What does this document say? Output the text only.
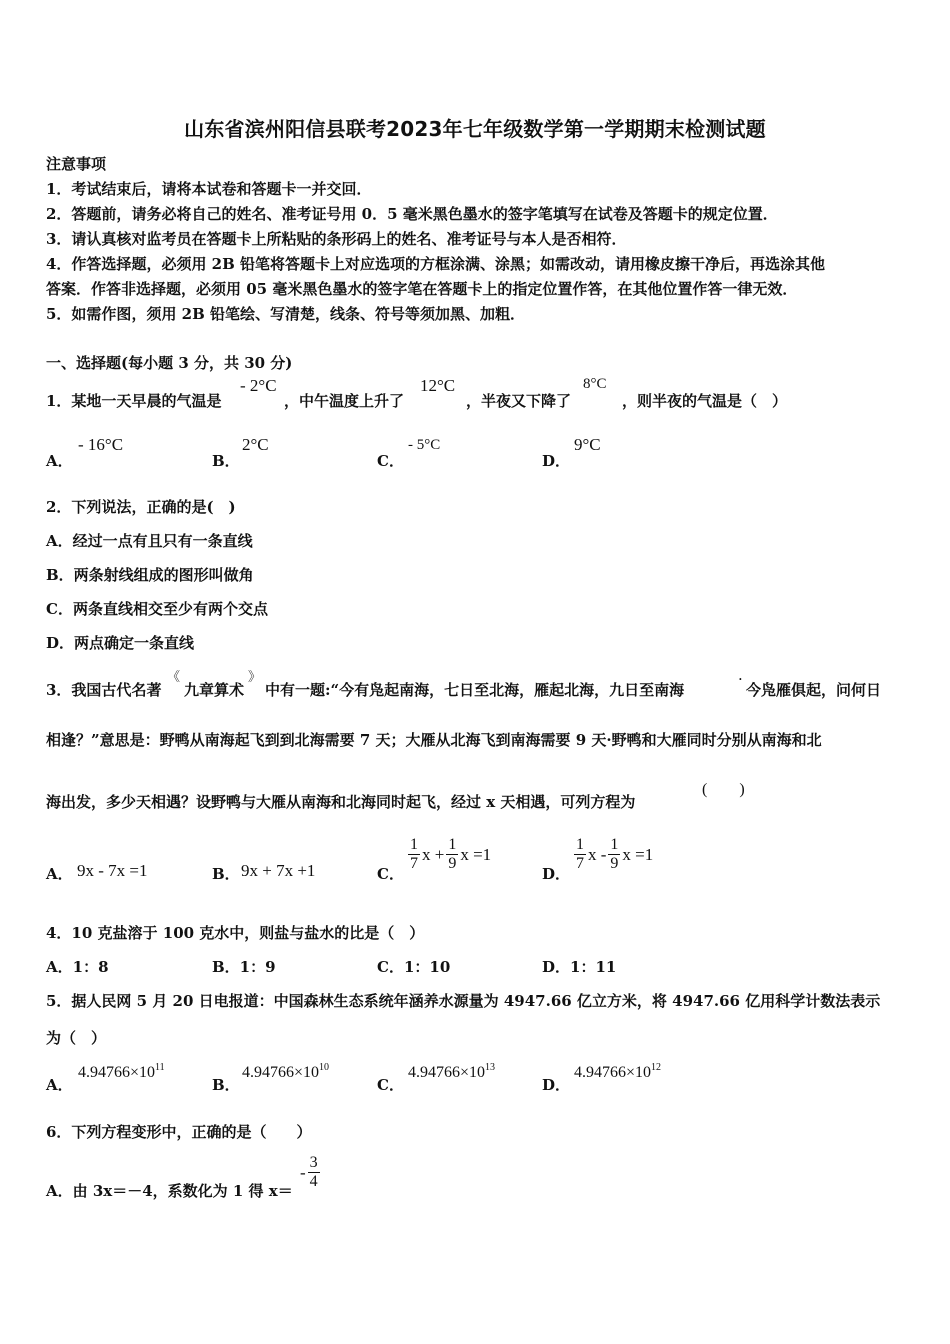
山东省滨州阳信县联考2023年七年级数学第一学期期末检测试题
注意事项
1．考试结束后，请将本试卷和答题卡一并交回．
2．答题前，请务必将自己的姓名、准考证号用 0．5 毫米黑色墨水的签字笔填写在试卷及答题卡的规定位置．
3．请认真核对监考员在答题卡上所粘贴的条形码上的姓名、准考证号与本人是否相符．
4．作答选择题，必须用 2B 铅笔将答题卡上对应选项的方框涂满、涂黑；如需改动，请用橡皮擦干净后，再选涂其他
答案．作答非选择题，必须用 05 毫米黑色墨水的签字笔在答题卡上的指定位置作答，在其他位置作答一律无效．
5．如需作图，须用 2B 铅笔绘、写清楚，线条、符号等须加黑、加粗．
一、选择题(每小题 3 分，共 30 分)
1．某地一天早晨的气温是
- 2°C
，中午温度上升了
12°C
，半夜又下降了
8°C
，则半夜的气温是（　）
A．
- 16°C
B．
2°C
C．
- 5°C
D．
9°C
2．下列说法，正确的是(　)
A．经过一点有且只有一条直线
B．两条射线组成的图形叫做角
C．两条直线相交至少有两个交点
D．两点确定一条直线
3．我国古代名著
《
九章算术
》
中有一题:“今有凫起南海，七日至北海，雁起北海，九日至南海
·
今凫雁俱起，问何日
相逢？”意思是：野鸭从南海起飞到到北海需要 7 天；大雁从北海飞到南海需要 9 天·野鸭和大雁同时分别从南海和北
海出发，多少天相遇？设野鸭与大雁从南海和北海同时起飞，经过 x 天相遇，可列方程为
(　　)
A． 9x - 7x =1	B． 9x + 7x +1	C．
$\frac{1}{7}$ $x + \frac{1}{9}$ x =1
D．
$\frac{1}{7}$ x - $\frac{1}{9}$ x =1
4．10 克盐溶于 100 克水中，则盐与盐水的比是（　）
A．1：8	B．1：9	C．1：10	D．1：11
5．据人民网 5 月 20 日电报道：中国森林生态系统年涵养水源量为 4947.66 亿立方米，将 4947.66 亿用科学计数法表示
为（　）
A．
$4.94766\times 10^{11}$
B．
$4.94766\times 10^{10}$
C．
$4.94766\times 10^{13}$
D．
$4.94766\times 10^{12}$
6．下列方程变形中，正确的是（　　）
A．由 3x＝－4，系数化为 1 得 x＝
- $\frac{3}{4}$
